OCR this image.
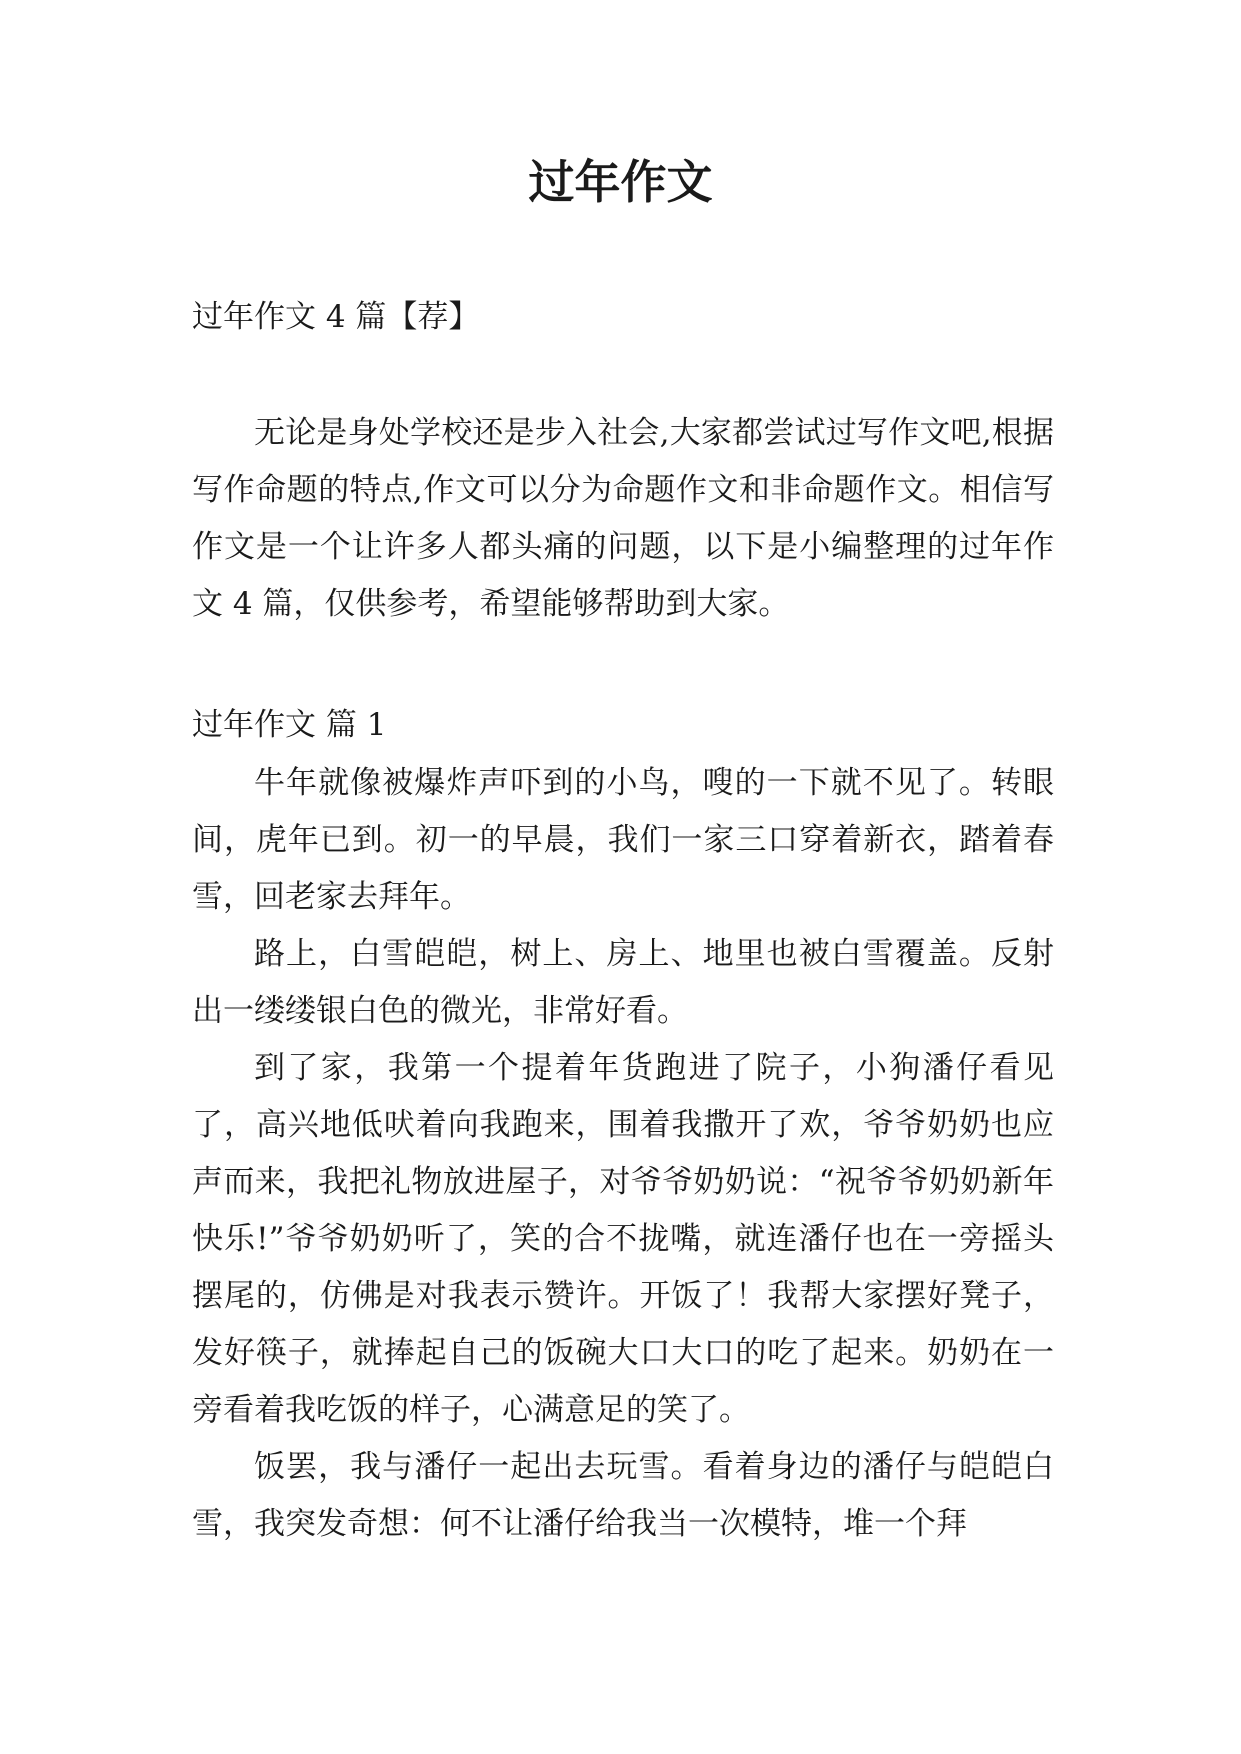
过年作文

过年作文 4 篇【荐】

无论是身处学校还是步入社会,大家都尝试过写作文吧,根据写作命题的特点,作文可以分为命题作文和非命题作文。相信写作文是一个让许多人都头痛的问题，以下是小编整理的过年作文 4 篇，仅供参考，希望能够帮助到大家。

过年作文 篇 1

牛年就像被爆炸声吓到的小鸟，嗖的一下就不见了。转眼间，虎年已到。初一的早晨，我们一家三口穿着新衣，踏着春雪，回老家去拜年。

路上，白雪皑皑，树上、房上、地里也被白雪覆盖。反射出一缕缕银白色的微光，非常好看。

到了家，我第一个提着年货跑进了院子，小狗潘仔看见了，高兴地低吠着向我跑来，围着我撒开了欢，爷爷奶奶也应声而来，我把礼物放进屋子，对爷爷奶奶说：“祝爷爷奶奶新年快乐!”爷爷奶奶听了，笑的合不拢嘴，就连潘仔也在一旁摇头摆尾的，仿佛是对我表示赞许。开饭了！我帮大家摆好凳子，发好筷子，就捧起自己的饭碗大口大口的吃了起来。奶奶在一旁看着我吃饭的样子，心满意足的笑了。

饭罢，我与潘仔一起出去玩雪。看着身边的潘仔与皑皑白雪，我突发奇想：何不让潘仔给我当一次模特，堆一个拜
